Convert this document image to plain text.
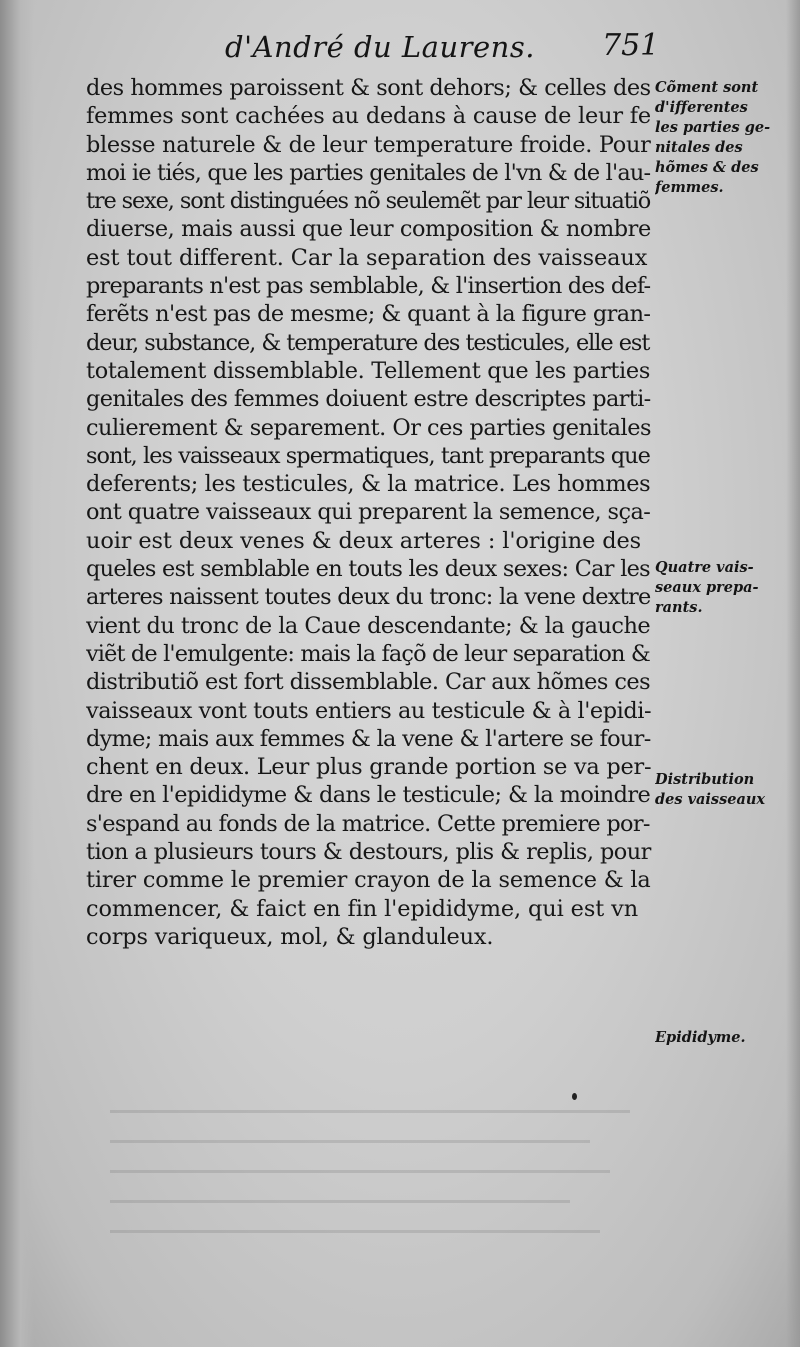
d'André du Laurens. 751
des hommes paroissent & sont dehors; & celles des
femmes sont cachées au dedans à cause de leur fe
blesse naturele & de leur temperature froide. Pour
moi ie tiés, que les parties genitales de l'vn & de l'au-
tre sexe, sont distinguées nõ seulemẽt par leur situatiõ
diuerse, mais aussi que leur composition & nombre
est tout different. Car la separation des vaisseaux
preparants n'est pas semblable, & l'insertion des def-
ferẽts n'est pas de mesme; & quant à la figure gran-
deur, substance, & temperature des testicules, elle est
totalement dissemblable. Tellement que les parties
genitales des femmes doiuent estre descriptes parti-
culierement & separement. Or ces parties genitales
sont, les vaisseaux spermatiques, tant preparants que
deferents; les testicules, & la matrice. Les hommes
ont quatre vaisseaux qui preparent la semence, sça-
uoir est deux venes & deux arteres : l'origine des
queles est semblable en touts les deux sexes: Car les
arteres naissent toutes deux du tronc: la vene dextre
vient du tronc de la Caue descendante; & la gauche
viẽt de l'emulgente: mais la façõ de leur separation &
distributiõ est fort dissemblable. Car aux hõmes ces
vaisseaux vont touts entiers au testicule & à l'epidi-
dyme; mais aux femmes & la vene & l'artere se four-
chent en deux. Leur plus grande portion se va per-
dre en l'epididyme & dans le testicule; & la moindre
s'espand au fonds de la matrice. Cette premiere por-
tion a plusieurs tours & destours, plis & replis, pour
tirer comme le premier crayon de la semence & la
commencer, & faict en fin l'epididyme, qui est vn
corps variqueux, mol, & glanduleux.
Cõment sont
d'ifferentes
les parties ge-
nitales des
hõmes & des
femmes.
Quatre vais-
seaux prepa-
rants.
Distribution
des vaisseaux
Epididyme.
